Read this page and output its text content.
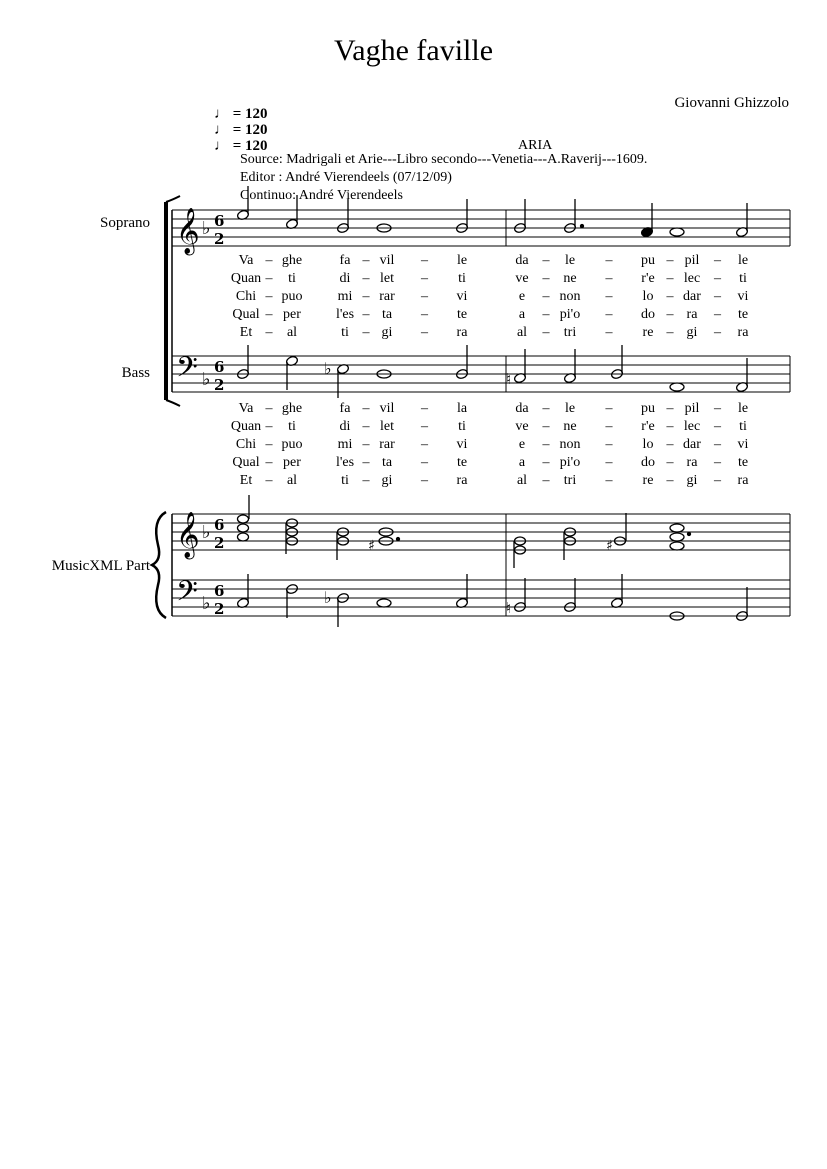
Vaghe faville
Giovanni Ghizzolo
♩ = 120
♩ = 120
♩ = 120	ARIA
Source: Madrigali et Arie---Libro secondo---Venetia---A.Raverij---1609.
Editor : André Vierendeels (07/12/09)
Continuo: André Vierendeels
Soprano
Bass
MusicXML Part
𝄞
𝄢
𝄞
𝄢
♭
♭
♭
♭
6
2
6
2
6
2
6
2
♭
♮
♯	♯
♭
♮
Va ghe	fa vil	le	da	le	pu pil	le
–	–	–	–	–	–	–
Quan ti	di let	ti	ve ne	r'e lec	ti
–	–	–	–	–	–	–
Chi puo	mi rar	vi	e non	lo dar	vi
–	–	–	–	–	–	–
Qual per	l'es ta	te	a pi'o	do ra	te
–	–	–	–	–	–	–
Et al	ti gi	ra	al	tri	re gi	ra
–	–	–	–	–	–	–
Va ghe	fa vil	la	da	le	pu pil	le
–	–	–	–	–	–	–
Quan ti	di let	ti	ve ne	r'e lec	ti
–	–	–	–	–	–	–
Chi puo	mi rar	vi	e non	lo dar	vi
–	–	–	–	–	–	–
Qual per	l'es ta	te	a pi'o	do ra	te
–	–	–	–	–	–	–
Et al	ti gi	ra	al	tri	re gi	ra
–	–	–	–	–	–	–
